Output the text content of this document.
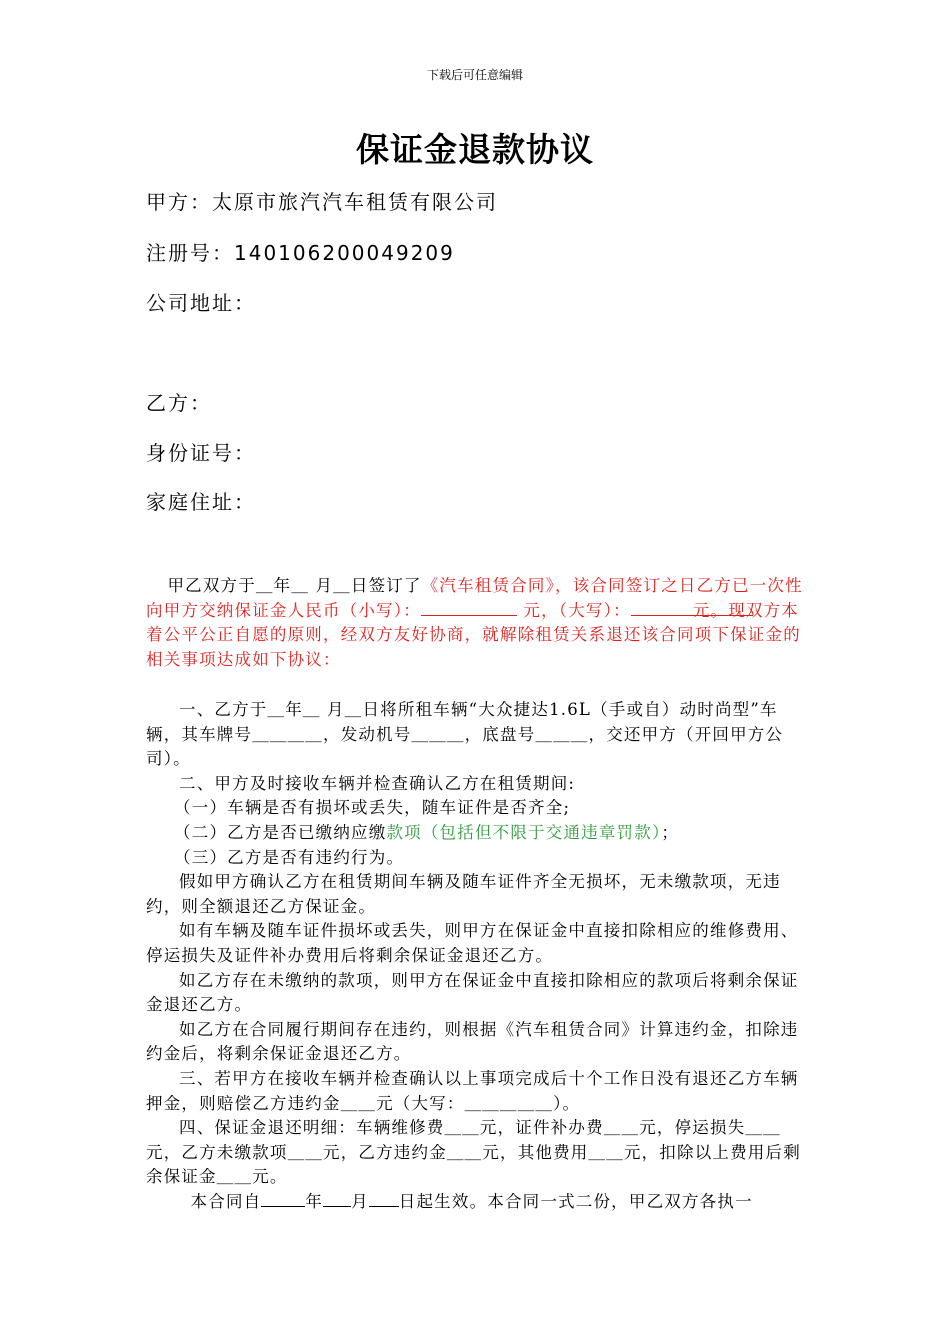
下载后可任意编辑
保证金退款协议
甲方：太原市旅汽汽车租赁有限公司
注册号：140106200049209
公司地址：
乙方：
身份证号：
家庭住址：

甲乙双方于＿年＿ 月＿日签订了《汽车租赁合同》，该合同签订之日乙方已一次性向甲方交纳保证金人民币（小写）：	元，（大写）：	元。现双方本着公平公正自愿的原则，经双方友好协商，就解除租赁关系退还该合同项下保证金的相关事项达成如下协议：

一、乙方于＿年＿ 月＿日将所租车辆“大众捷达1.6L（手或自）动时尚型”车辆，其车牌号＿＿＿＿，发动机号＿＿＿，底盘号＿＿＿，交还甲方（开回甲方公司）。

二、甲方及时接收车辆并检查确认乙方在租赁期间:

（一）车辆是否有损坏或丢失，随车证件是否齐全;

（二）乙方是否已缴纳应缴款项（包括但不限于交通违章罚款）；

（三）乙方是否有违约行为。

假如甲方确认乙方在租赁期间车辆及随车证件齐全无损坏，无未缴款项，无违约，则全额退还乙方保证金。

如有车辆及随车证件损坏或丢失，则甲方在保证金中直接扣除相应的维修费用、停运损失及证件补办费用后将剩余保证金退还乙方。

如乙方存在未缴纳的款项，则甲方在保证金中直接扣除相应的款项后将剩余保证金退还乙方。

如乙方在合同履行期间存在违约，则根据《汽车租赁合同》计算违约金，扣除违约金后，将剩余保证金退还乙方。

三、若甲方在接收车辆并检查确认以上事项完成后十个工作日没有退还乙方车辆押金，则赔偿乙方违约金＿＿元（大写：＿＿＿＿＿）。

四、保证金退还明细：车辆维修费＿＿元，证件补办费＿＿元，停运损失＿＿元，乙方未缴款项＿＿元，乙方违约金＿＿元，其他费用＿＿元，扣除以上费用后剩余保证金＿＿元。

本合同自	年 月 日起生效。本合同一式二份，甲乙双方各执一
